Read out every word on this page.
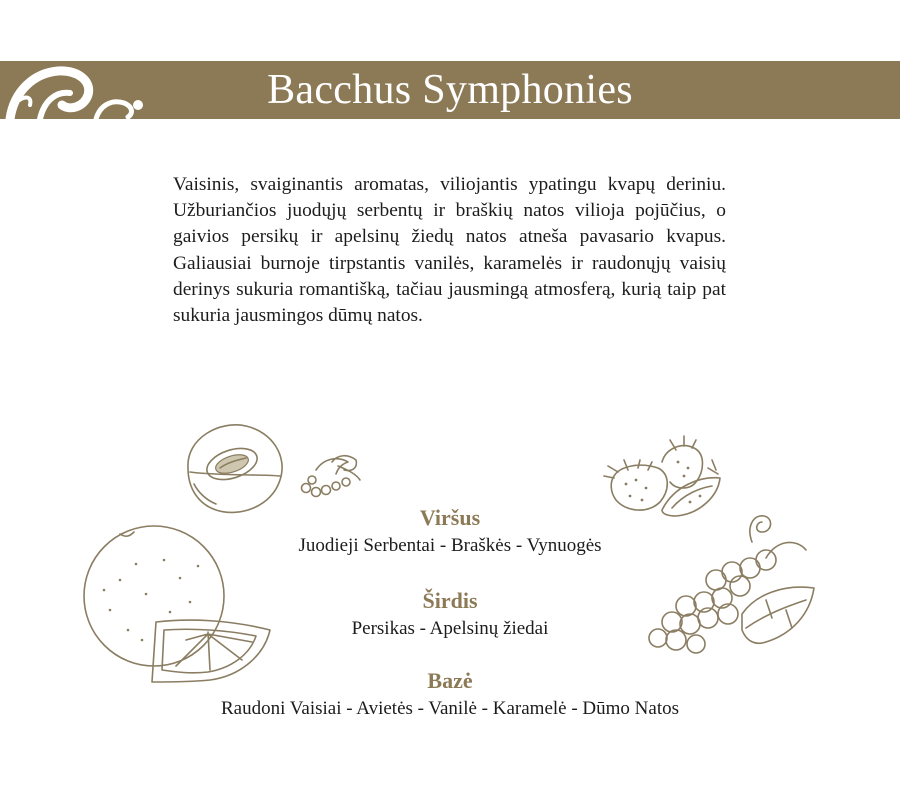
Bacchus Symphonies

Vaisinis, svaiginantis aromatas, viliojantis ypatingu kvapų deriniu. Užburiančios juodųjų serbentų ir braškių natos vilioja pojūčius, o gaivios persikų ir apelsinų žiedų natos atneša pavasario kvapus. Galiausiai burnoje tirpstantis vanilės, karamelės ir raudonųjų vaisių derinys sukuria romantišką, tačiau jausmingą atmosferą, kurią taip pat sukuria jausmingos dūmų natos.

Viršus
Juodieji Serbentai - Braškės - Vynuogės
Širdis
Persikas - Apelsinų žiedai
Bazė
Raudoni Vaisiai - Avietės - Vanilė - Karamelė - Dūmo Natos
